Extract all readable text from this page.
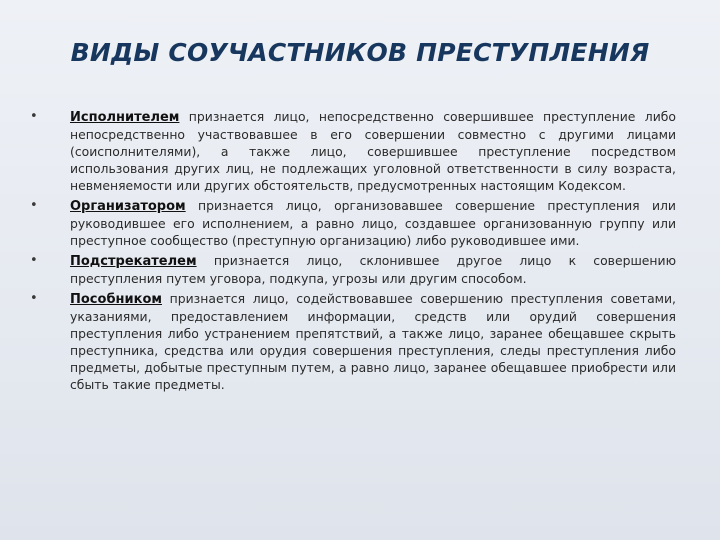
ВИДЫ СОУЧАСТНИКОВ ПРЕСТУПЛЕНИЯ
• Исполнителем признается лицо, непосредственно совершившее преступление либо непосредственно участвовавшее в его совершении совместно с другими лицами (соисполнителями), а также лицо, совершившее преступление посредством использования других лиц, не подлежащих уголовной ответственности в силу возраста, невменяемости или других обстоятельств, предусмотренных настоящим Кодексом.
• Организатором признается лицо, организовавшее совершение преступления или руководившее его исполнением, а равно лицо, создавшее организованную группу или преступное сообщество (преступную организацию) либо руководившее ими.
• Подстрекателем признается лицо, склонившее другое лицо к совершению преступления путем уговора, подкупа, угрозы или другим способом.
• Пособником признается лицо, содействовавшее совершению преступления советами, указаниями, предоставлением информации, средств или орудий совершения преступления либо устранением препятствий, а также лицо, заранее обещавшее скрыть преступника, средства или орудия совершения преступления, следы преступления либо предметы, добытые преступным путем, а равно лицо, заранее обещавшее приобрести или сбыть такие предметы.
